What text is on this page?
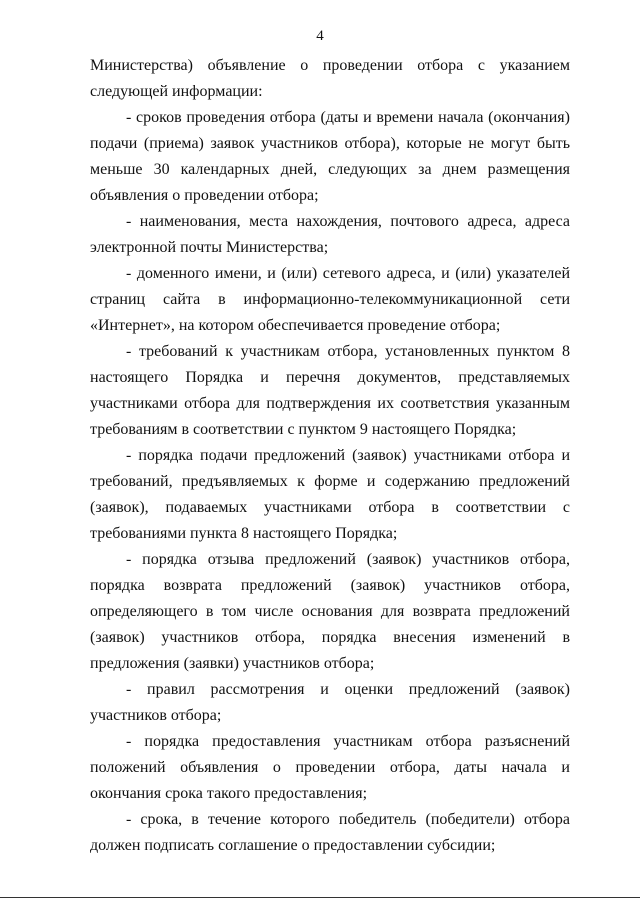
4

Министерства) объявление о проведении отбора с указанием следующей информации:

- сроков проведения отбора (даты и времени начала (окончания) подачи (приема) заявок участников отбора), которые не могут быть меньше 30 календарных дней, следующих за днем размещения объявления о проведении отбора;

- наименования, места нахождения, почтового адреса, адреса электронной почты Министерства;

- доменного имени, и (или) сетевого адреса, и (или) указателей страниц сайта в информационно-телекоммуникационной сети «Интернет», на котором обеспечивается проведение отбора;

- требований к участникам отбора, установленных пунктом 8 настоящего Порядка и перечня документов, представляемых участниками отбора для подтверждения их соответствия указанным требованиям в соответствии с пунктом 9 настоящего Порядка;

- порядка подачи предложений (заявок) участниками отбора и требований, предъявляемых к форме и содержанию предложений (заявок), подаваемых участниками отбора в соответствии с требованиями пункта 8 настоящего Порядка;

- порядка отзыва предложений (заявок) участников отбора, порядка возврата предложений (заявок) участников отбора, определяющего в том числе основания для возврата предложений (заявок) участников отбора, порядка внесения изменений в предложения (заявки) участников отбора;

- правил рассмотрения и оценки предложений (заявок) участников отбора;

- порядка предоставления участникам отбора разъяснений положений объявления о проведении отбора, даты начала и окончания срока такого предоставления;

- срока, в течение которого победитель (победители) отбора должен подписать соглашение о предоставлении субсидии;
